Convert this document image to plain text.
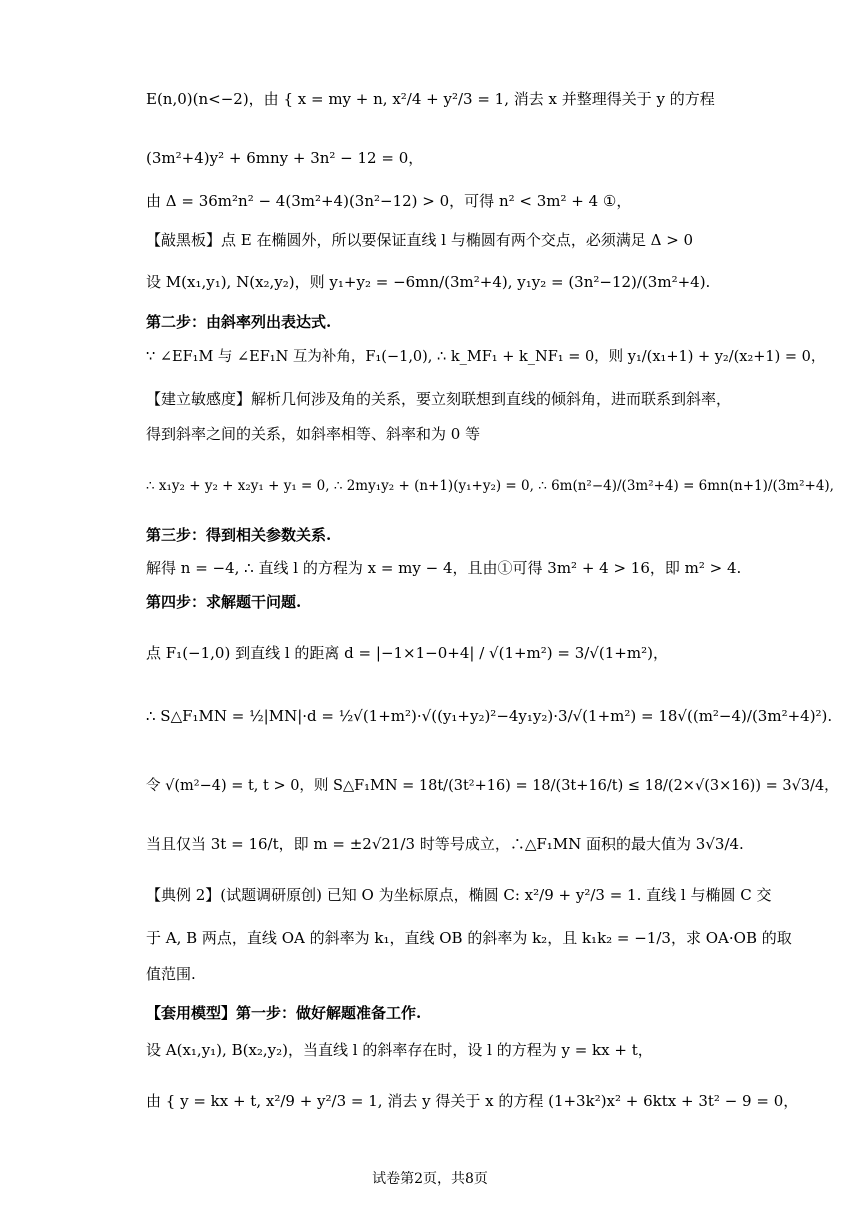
E(n,0)(n<−2)，由 { x = my + n, x²/4 + y²/3 = 1, 消去 x 并整理得关于 y 的方程
(3m²+4)y² + 6mny + 3n² − 12 = 0，
由 Δ = 36m²n² − 4(3m²+4)(3n²−12) > 0，可得 n² < 3m² + 4 ①，
【敲黑板】点 E 在椭圆外，所以要保证直线 l 与椭圆有两个交点，必须满足 Δ > 0
设 M(x₁,y₁), N(x₂,y₂)，则 y₁+y₂ = −6mn/(3m²+4), y₁y₂ = (3n²−12)/(3m²+4).
第二步：由斜率列出表达式.
∵ ∠EF₁M 与 ∠EF₁N 互为补角，F₁(−1,0), ∴ k_MF₁ + k_NF₁ = 0，则 y₁/(x₁+1) + y₂/(x₂+1) = 0，
【建立敏感度】解析几何涉及角的关系，要立刻联想到直线的倾斜角，进而联系到斜率，
得到斜率之间的关系，如斜率相等、斜率和为 0 等
∴ x₁y₂ + y₂ + x₂y₁ + y₁ = 0, ∴ 2my₁y₂ + (n+1)(y₁+y₂) = 0, ∴ 6m(n²−4)/(3m²+4) = 6mn(n+1)/(3m²+4),
第三步：得到相关参数关系.
解得 n = −4, ∴ 直线 l 的方程为 x = my − 4，且由①可得 3m² + 4 > 16，即 m² > 4.
第四步：求解题干问题.
点 F₁(−1,0) 到直线 l 的距离 d = |−1×1−0+4| / √(1+m²) = 3/√(1+m²)，
∴ S△F₁MN = ½|MN|·d = ½√(1+m²)·√((y₁+y₂)²−4y₁y₂)·3/√(1+m²) = 18√((m²−4)/(3m²+4)²).
令 √(m²−4) = t, t > 0，则 S△F₁MN = 18t/(3t²+16) = 18/(3t+16/t) ≤ 18/(2×√(3×16)) = 3√3/4，
当且仅当 3t = 16/t，即 m = ±2√21/3 时等号成立，∴△F₁MN 面积的最大值为 3√3/4.
【典例 2】(试题调研原创) 已知 O 为坐标原点，椭圆 C: x²/9 + y²/3 = 1. 直线 l 与椭圆 C 交
于 A, B 两点，直线 OA 的斜率为 k₁，直线 OB 的斜率为 k₂，且 k₁k₂ = −1/3，求 OA·OB 的取
值范围.
【套用模型】第一步：做好解题准备工作.
设 A(x₁,y₁), B(x₂,y₂)，当直线 l 的斜率存在时，设 l 的方程为 y = kx + t，
由 { y = kx + t, x²/9 + y²/3 = 1, 消去 y 得关于 x 的方程 (1+3k²)x² + 6ktx + 3t² − 9 = 0，
试卷第2页，共8页
